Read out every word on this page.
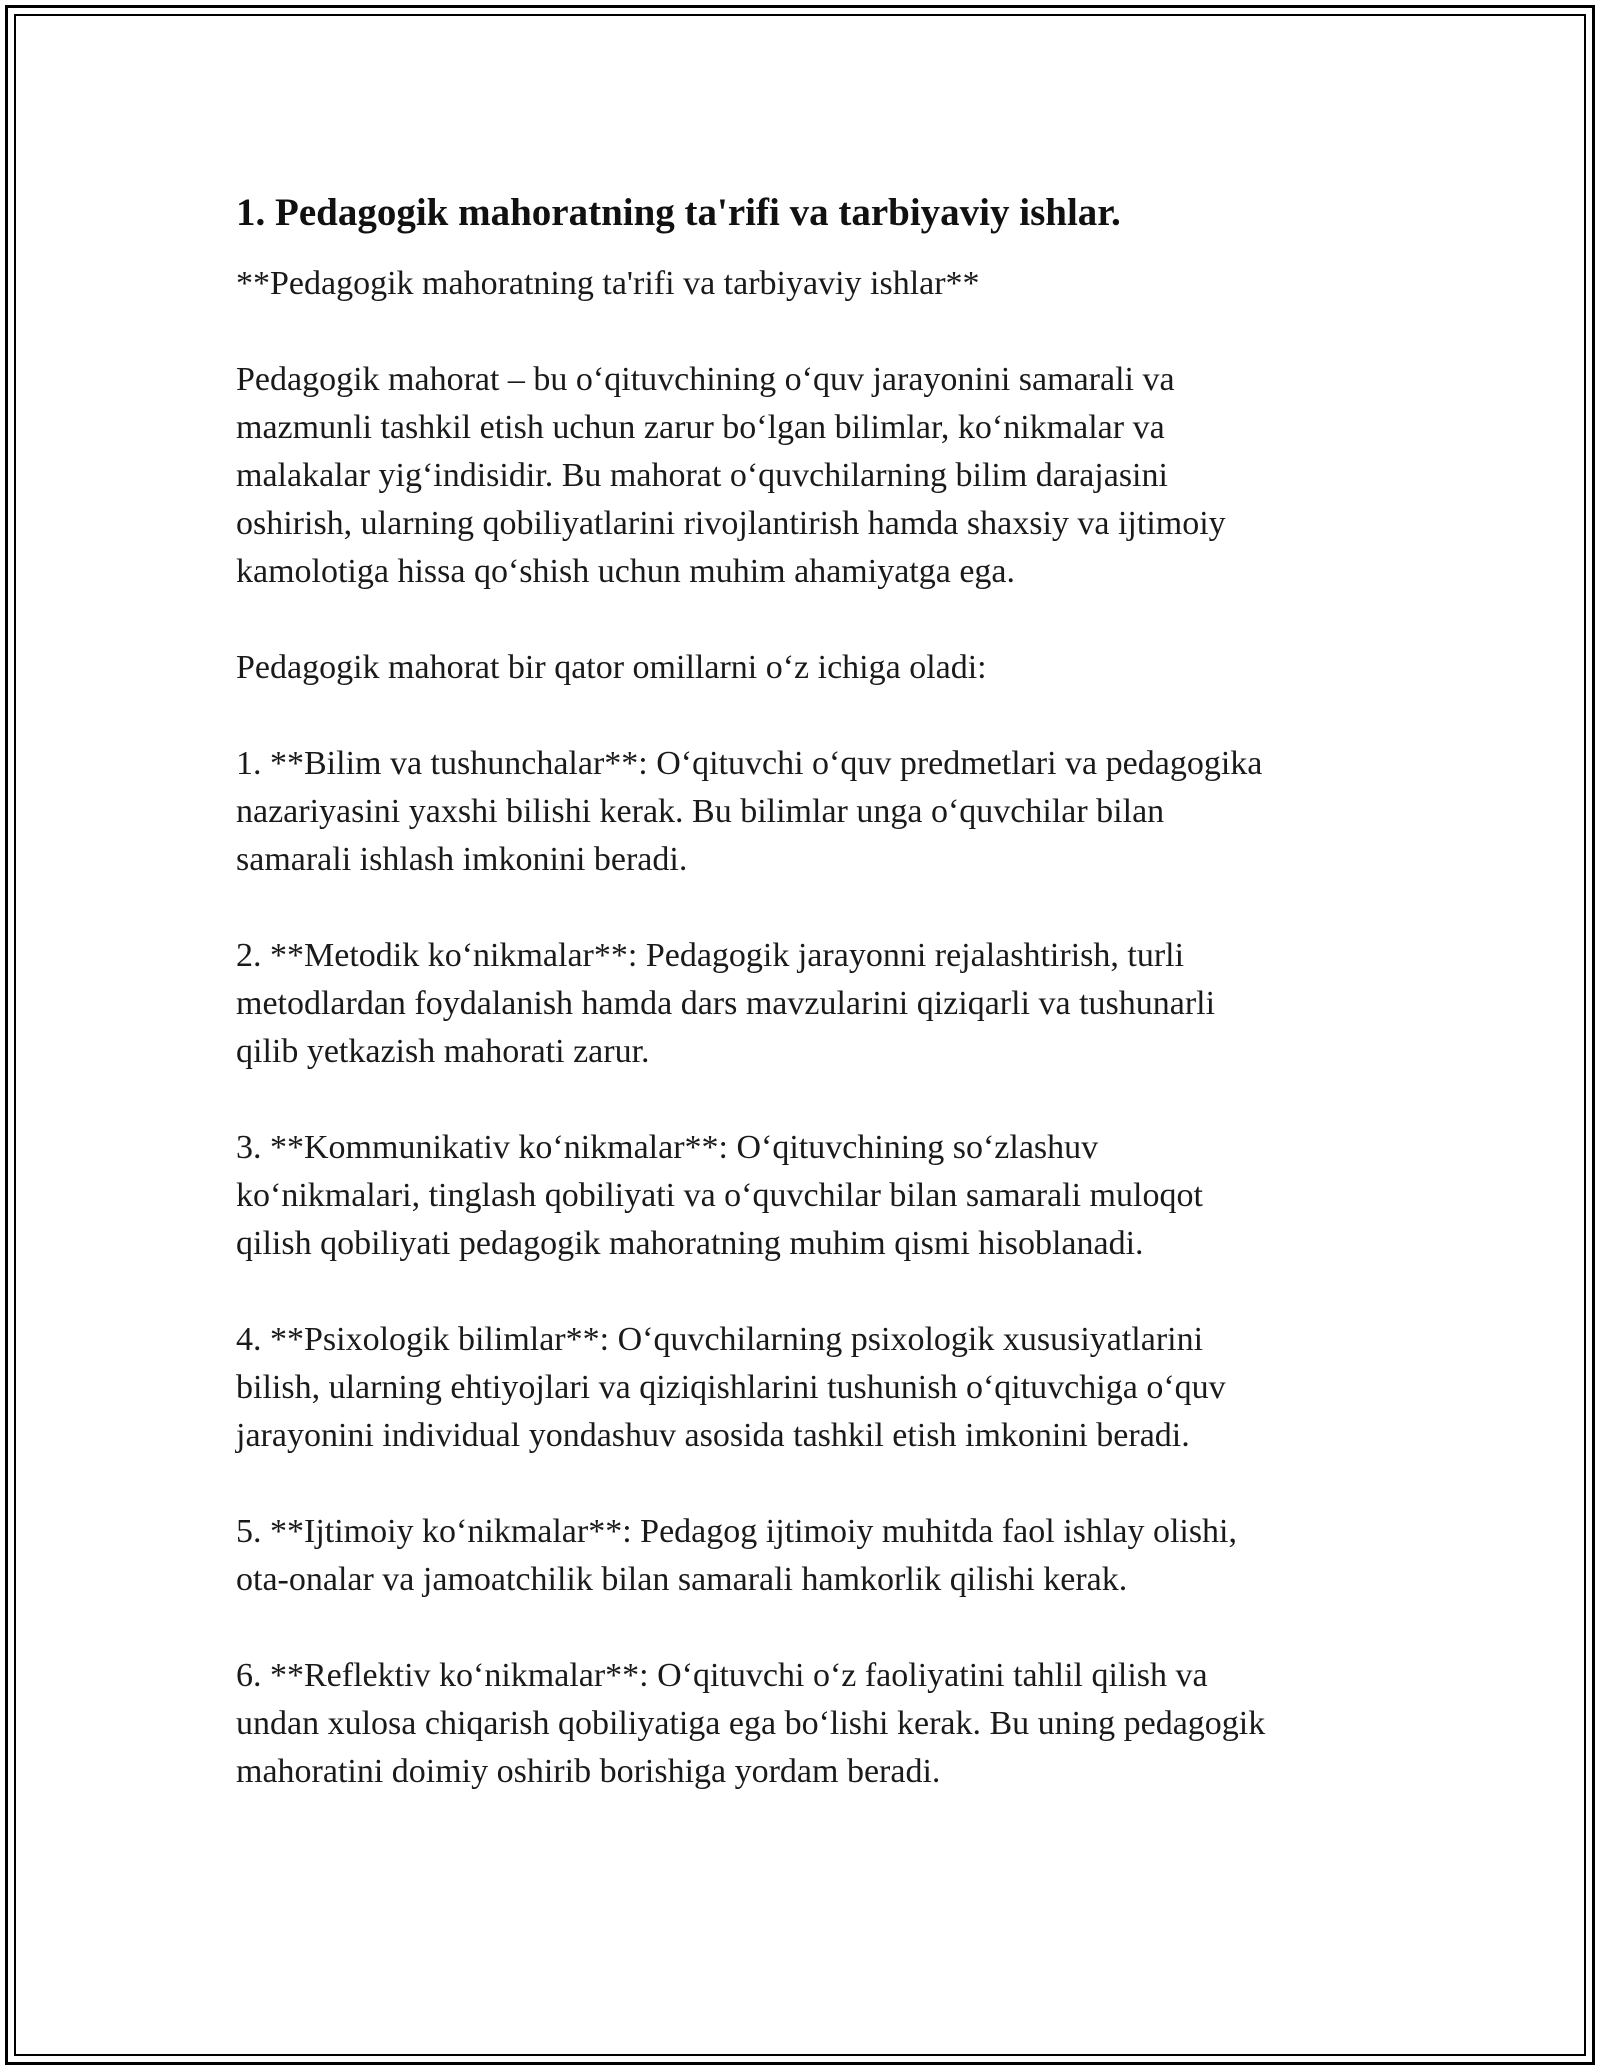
1. Pedagogik mahoratning ta'rifi va tarbiyaviy ishlar.

**Pedagogik mahoratning ta'rifi va tarbiyaviy ishlar**

Pedagogik mahorat – bu o‘qituvchining o‘quv jarayonini samarali va
mazmunli tashkil etish uchun zarur bo‘lgan bilimlar, ko‘nikmalar va
malakalar yig‘indisidir. Bu mahorat o‘quvchilarning bilim darajasini
oshirish, ularning qobiliyatlarini rivojlantirish hamda shaxsiy va ijtimoiy
kamolotiga hissa qo‘shish uchun muhim ahamiyatga ega.

Pedagogik mahorat bir qator omillarni o‘z ichiga oladi:

1. **Bilim va tushunchalar**: O‘qituvchi o‘quv predmetlari va pedagogika
nazariyasini yaxshi bilishi kerak. Bu bilimlar unga o‘quvchilar bilan
samarali ishlash imkonini beradi.

2. **Metodik ko‘nikmalar**: Pedagogik jarayonni rejalashtirish, turli
metodlardan foydalanish hamda dars mavzularini qiziqarli va tushunarli
qilib yetkazish mahorati zarur.

3. **Kommunikativ ko‘nikmalar**: O‘qituvchining so‘zlashuv
ko‘nikmalari, tinglash qobiliyati va o‘quvchilar bilan samarali muloqot
qilish qobiliyati pedagogik mahoratning muhim qismi hisoblanadi.

4. **Psixologik bilimlar**: O‘quvchilarning psixologik xususiyatlarini
bilish, ularning ehtiyojlari va qiziqishlarini tushunish o‘qituvchiga o‘quv
jarayonini individual yondashuv asosida tashkil etish imkonini beradi.

5. **Ijtimoiy ko‘nikmalar**: Pedagog ijtimoiy muhitda faol ishlay olishi,
ota-onalar va jamoatchilik bilan samarali hamkorlik qilishi kerak.

6. **Reflektiv ko‘nikmalar**: O‘qituvchi o‘z faoliyatini tahlil qilish va
undan xulosa chiqarish qobiliyatiga ega bo‘lishi kerak. Bu uning pedagogik
mahoratini doimiy oshirib borishiga yordam beradi.
